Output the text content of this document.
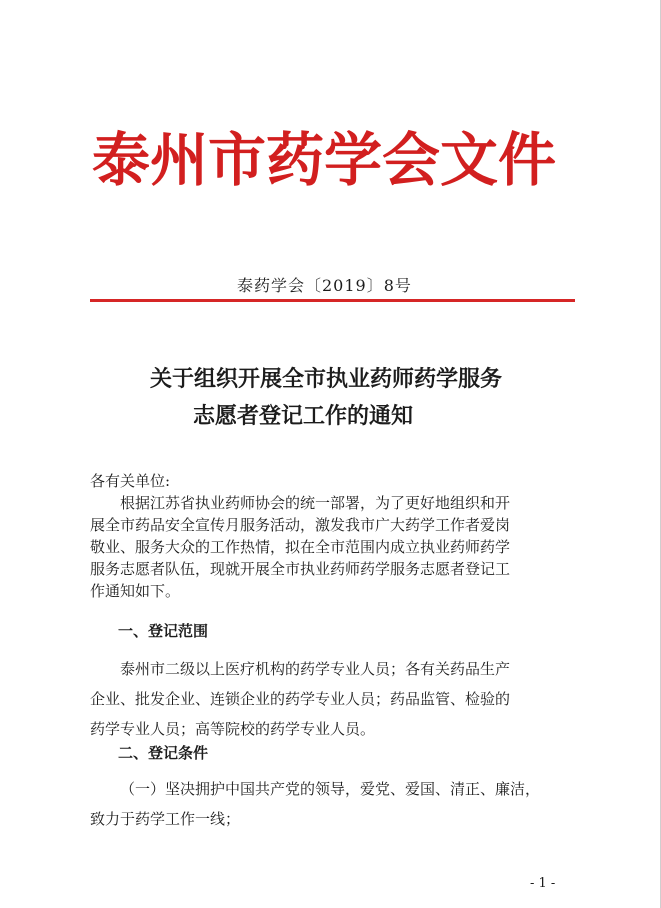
泰州市药学会文件
泰药学会〔2019〕8号
关于组织开展全市执业药师药学服务
志愿者登记工作的通知
各有关单位:
根据江苏省执业药师协会的统一部署，为了更好地组织和开
展全市药品安全宣传月服务活动，激发我市广大药学工作者爱岗
敬业、服务大众的工作热情，拟在全市范围内成立执业药师药学
服务志愿者队伍，现就开展全市执业药师药学服务志愿者登记工
作通知如下。
一、登记范围
泰州市二级以上医疗机构的药学专业人员；各有关药品生产
企业、批发企业、连锁企业的药学专业人员；药品监管、检验的
药学专业人员；高等院校的药学专业人员。
二、登记条件
（一）坚决拥护中国共产党的领导，爱党、爱国、清正、廉洁，
致力于药学工作一线；
- 1 -
